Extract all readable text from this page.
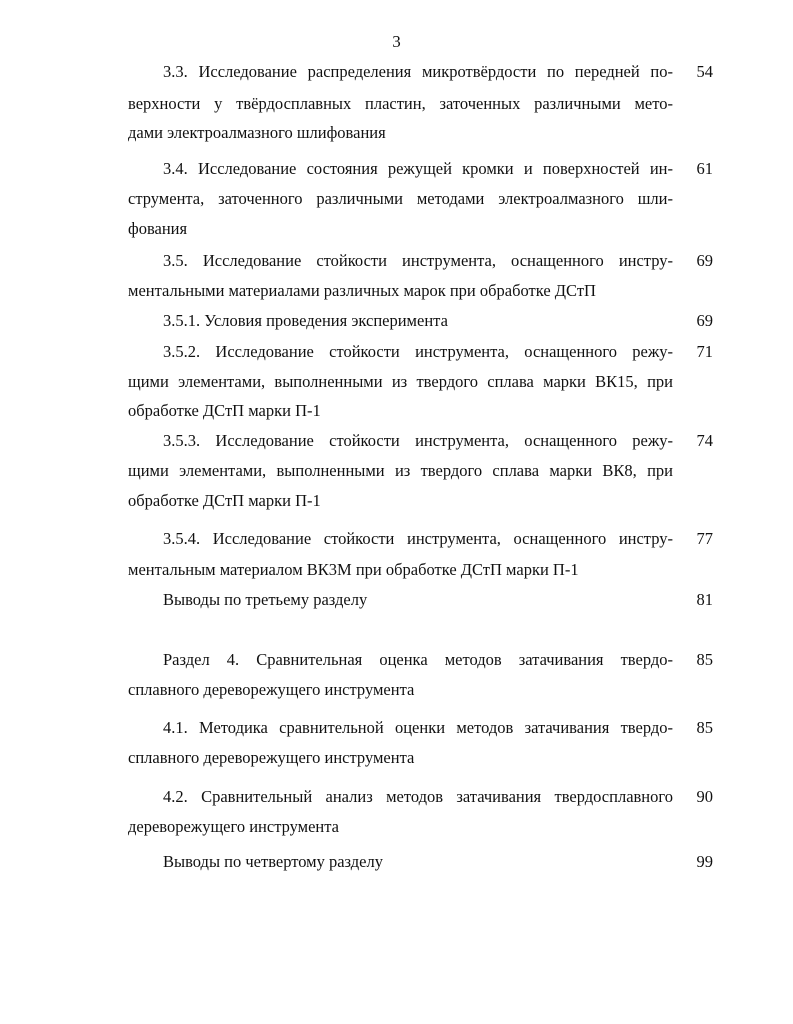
3
3.3. Исследование распределения микротвёрдости по передней по-
верхности у твёрдосплавных пластин, заточенных различными мето-
дами электроалмазного шлифования
54
3.4. Исследование состояния режущей кромки и поверхностей ин-
струмента, заточенного различными методами электроалмазного шли-
фования
61
3.5. Исследование стойкости инструмента, оснащенного инстру-
ментальными материалами различных марок при обработке ДСтП
69
3.5.1. Условия проведения эксперимента	69
3.5.2. Исследование стойкости инструмента, оснащенного режу-
щими элементами, выполненными из твердого сплава марки ВК15, при
обработке ДСтП марки П-1
71
3.5.3. Исследование стойкости инструмента, оснащенного режу-
щими элементами, выполненными из твердого сплава марки ВК8, при
обработке ДСтП марки П-1
74
3.5.4. Исследование стойкости инструмента, оснащенного инстру-
ментальным материалом ВК3М при обработке ДСтП марки П-1
77
Выводы по третьему разделу	81
Раздел 4. Сравнительная оценка методов затачивания твердо-
сплавного дереворежущего инструмента
85
4.1. Методика сравнительной оценки методов затачивания твердо-
сплавного дереворежущего инструмента
85
4.2. Сравнительный анализ методов затачивания твердосплавного
дереворежущего инструмента
90
Выводы по четвертому разделу	99
